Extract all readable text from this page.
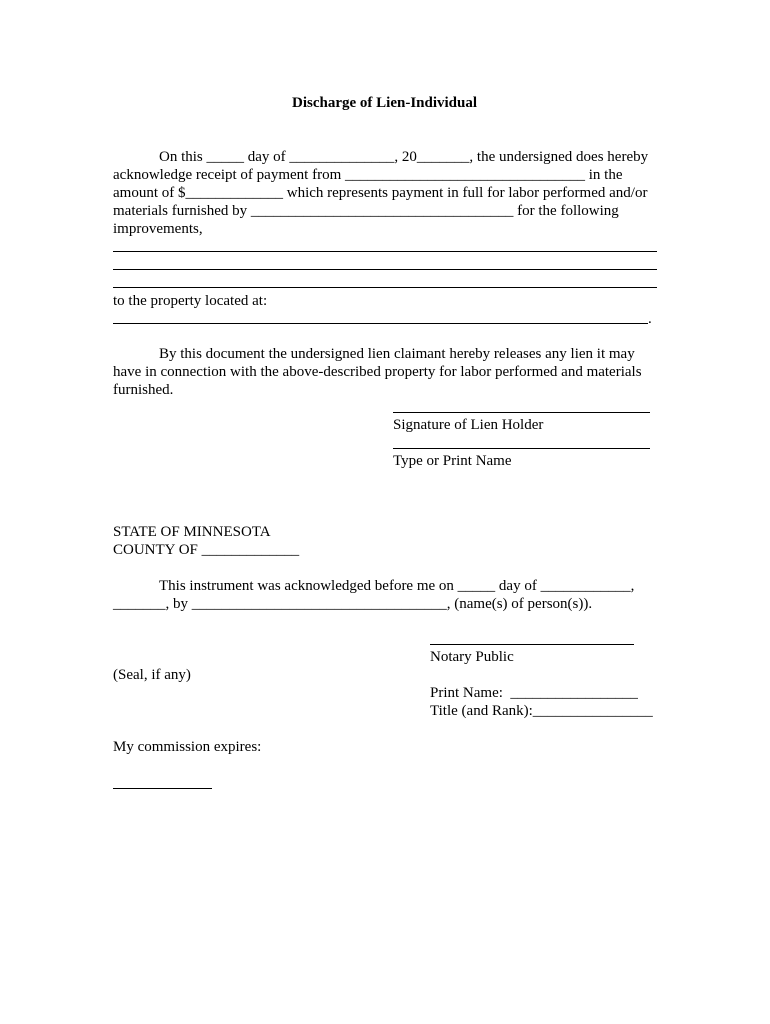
Discharge of Lien-Individual
On this _____ day of ______________, 20_______, the undersigned does hereby
acknowledge receipt of payment from ________________________________ in the
amount of $_____________ which represents payment in full for labor performed and/or
materials furnished by ___________________________________ for the following
improvements,
to the property located at:
.
By this document the undersigned lien claimant hereby releases any lien it may
have in connection with the above-described property for labor performed and materials
furnished.
Signature of Lien Holder
Type or Print Name
STATE OF MINNESOTA
COUNTY OF _____________
This instrument was acknowledged before me on _____ day of ____________,
_______, by __________________________________, (name(s) of person(s)).
Notary Public
(Seal, if any)
Print Name:  _________________
Title (and Rank):________________
My commission expires:
